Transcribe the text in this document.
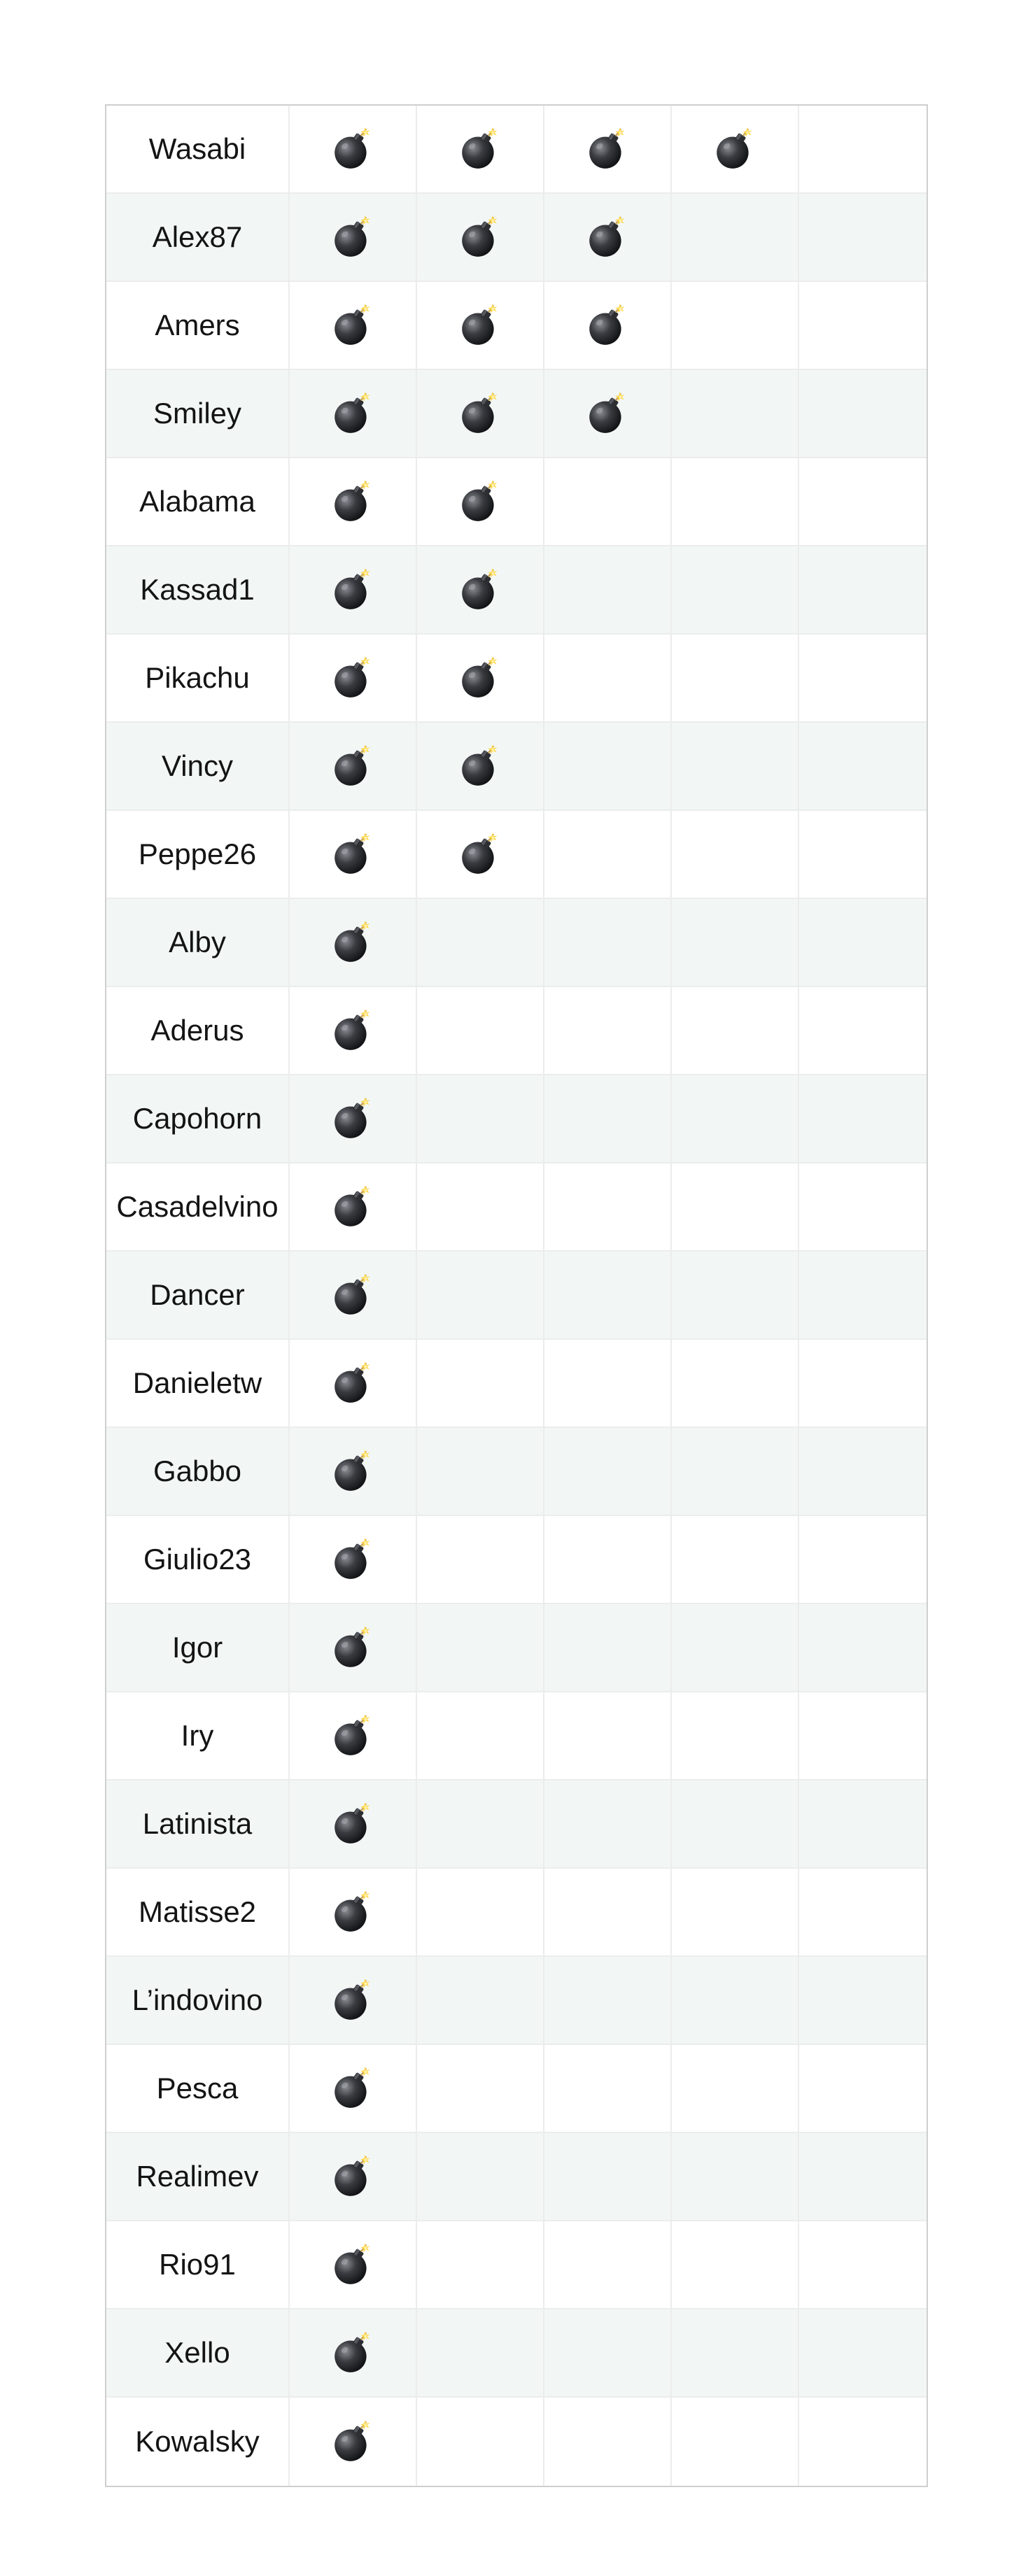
Wasabi
Alex87
Amers
Smiley
Alabama
Kassad1
Pikachu
Vincy
Peppe26
Alby
Aderus
Capohorn
Casadelvino
Dancer
Danieletw
Gabbo
Giulio23
Igor
Iry
Latinista
Matisse2
L’indovino
Pesca
Realimev
Rio91
Xello
Kowalsky
